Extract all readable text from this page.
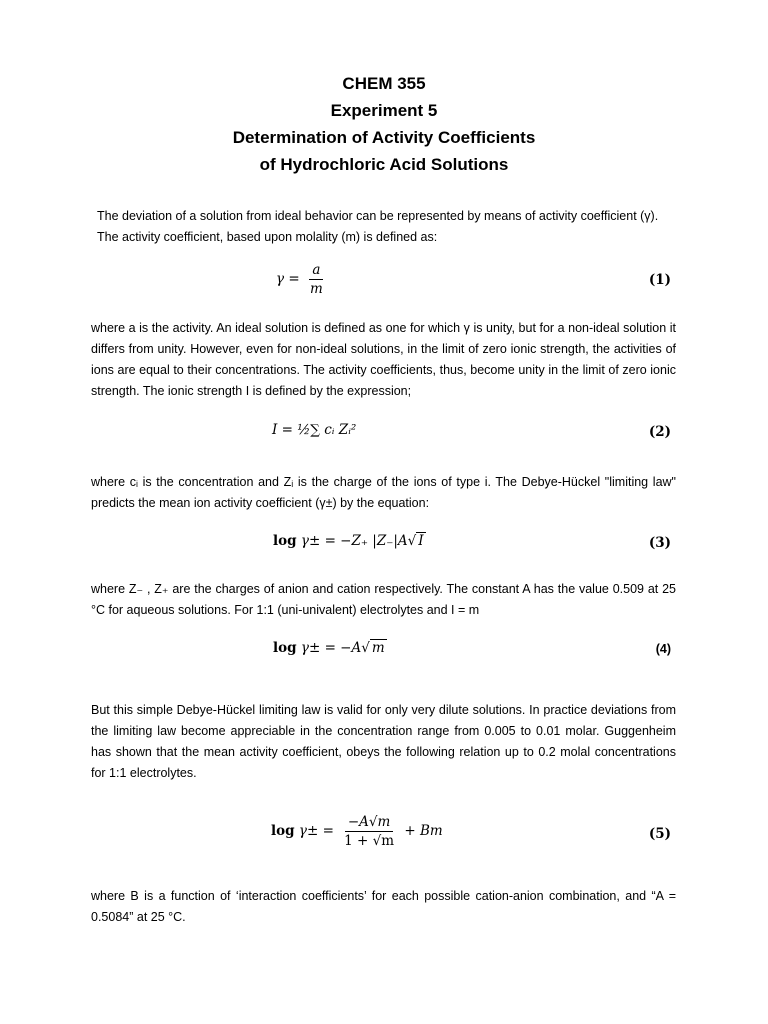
CHEM 355
Experiment 5
Determination of Activity Coefficients
of Hydrochloric Acid Solutions

The deviation of a solution from ideal behavior can be represented by means of activity coefficient (γ). The activity coefficient, based upon molality (m) is defined as:

$\gamma = \frac{a}{m}$	(1)

where a is the activity. An ideal solution is defined as one for which γ is unity, but for a non-ideal solution it differs from unity. However, even for non-ideal solutions, in the limit of zero ionic strength, the activities of ions are equal to their concentrations. The activity coefficients, thus, become unity in the limit of zero ionic strength. The ionic strength I is defined by the expression;

I = ½∑ cᵢ Zᵢ²	(2)

where cᵢ is the concentration and Zᵢ is the charge of the ions of type i. The Debye-Hückel "limiting law" predicts the mean ion activity coefficient (γ±) by the equation:

log γ± = −Z₊ |Z₋|A√ I	(3)

where Z₋ , Z₊ are the charges of anion and cation respectively. The constant A has the value 0.509 at 25 °C for aqueous solutions. For 1:1 (uni-univalent) electrolytes and I = m

log γ± = −A√ m	(4)

But this simple Debye-Hückel limiting law is valid for only very dilute solutions. In practice deviations from the limiting law become appreciable in the concentration range from 0.005 to 0.01 molar. Guggenheim has shown that the mean activity coefficient, obeys the following relation up to 0.2 molal concentrations for 1:1 electrolytes.

$\log \gamma\pm = \frac{-A√m}{1 + √m} + Bm$	(5)

where B is a function of ‘interaction coefficients’ for each possible cation-anion combination, and “A = 0.5084” at 25 °C.
